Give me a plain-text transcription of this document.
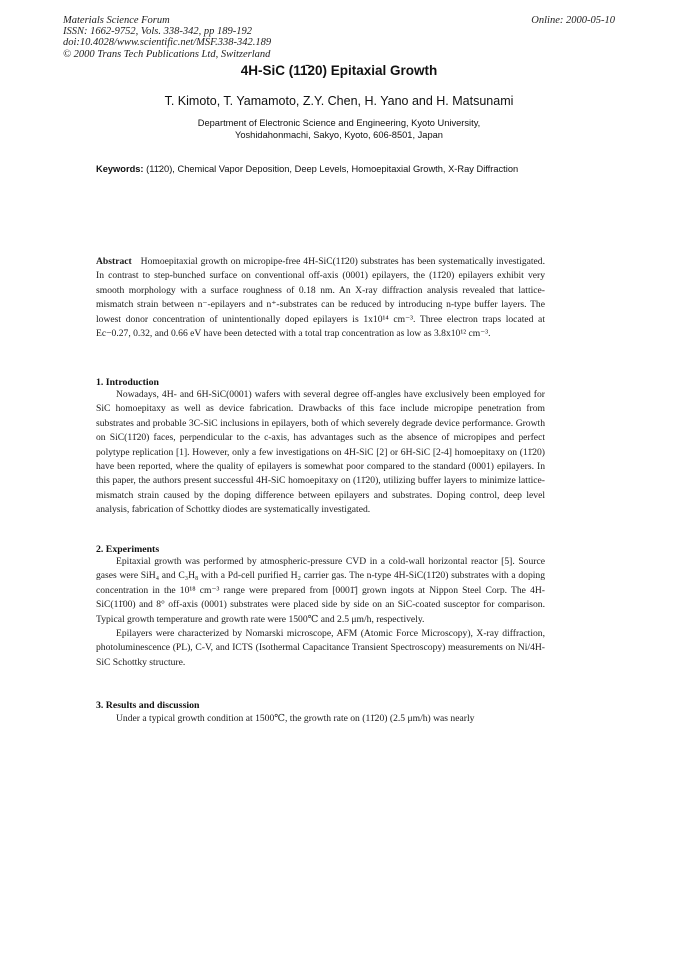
Materials Science Forum
ISSN: 1662-9752, Vols. 338-342, pp 189-192
doi:10.4028/www.scientific.net/MSF.338-342.189
© 2000 Trans Tech Publications Ltd, Switzerland
Online: 2000-05-10
4H-SiC (11̄20) Epitaxial Growth
T. Kimoto, T. Yamamoto, Z.Y. Chen, H. Yano and H. Matsunami
Department of Electronic Science and Engineering, Kyoto University,
Yoshidahonmachi, Sakyo, Kyoto, 606-8501, Japan
Keywords: (11̄20), Chemical Vapor Deposition, Deep Levels, Homoepitaxial Growth, X-Ray Diffraction

Abstract Homoepitaxial growth on micropipe-free 4H-SiC(11̄20) substrates has been systematically investigated. In contrast to step-bunched surface on conventional off-axis (0001) epilayers, the (11̄20) epilayers exhibit very smooth morphology with a surface roughness of 0.18 nm. An X-ray diffraction analysis revealed that lattice-mismatch strain between n⁻-epilayers and n⁺-substrates can be reduced by introducing n-type buffer layers. The lowest donor concentration of unintentionally doped epilayers is 1x10¹⁴ cm⁻³. Three electron traps located at Ec−0.27, 0.32, and 0.66 eV have been detected with a total trap concentration as low as 3.8x10¹² cm⁻³.

1. Introduction

Nowadays, 4H- and 6H-SiC(0001) wafers with several degree off-angles have exclusively been employed for SiC homoepitaxy as well as device fabrication. Drawbacks of this face include micropipe penetration from substrates and probable 3C-SiC inclusions in epilayers, both of which severely degrade device performance. Growth on SiC(11̄20) faces, perpendicular to the c-axis, has advantages such as the absence of micropipes and perfect polytype replication [1]. However, only a few investigations on 4H-SiC [2] or 6H-SiC [2-4] homoepitaxy on (11̄20) have been reported, where the quality of epilayers is somewhat poor compared to the standard (0001) epilayers. In this paper, the authors present successful 4H-SiC homoepitaxy on (11̄20), utilizing buffer layers to minimize lattice-mismatch strain caused by the doping difference between epilayers and substrates. Doping control, deep level analysis, fabrication of Schottky diodes are systematically investigated.

2. Experiments

Epitaxial growth was performed by atmospheric-pressure CVD in a cold-wall horizontal reactor [5]. Source gases were SiH₄ and C₃H₈ with a Pd-cell purified H₂ carrier gas. The n-type 4H-SiC(11̄20) substrates with a doping concentration in the 10¹⁸ cm⁻³ range were prepared from [0001̄] grown ingots at Nippon Steel Corp. The 4H-SiC(11̄00) and 8° off-axis (0001) substrates were placed side by side on an SiC-coated susceptor for comparison. Typical growth temperature and growth rate were 1500℃ and 2.5 μm/h, respectively.

Epilayers were characterized by Nomarski microscope, AFM (Atomic Force Microscopy), X-ray diffraction, photoluminescence (PL), C-V, and ICTS (Isothermal Capacitance Transient Spectroscopy) measurements on Ni/4H-SiC Schottky structure.

3. Results and discussion

Under a typical growth condition at 1500℃, the growth rate on (11̄20) (2.5 μm/h) was nearly
